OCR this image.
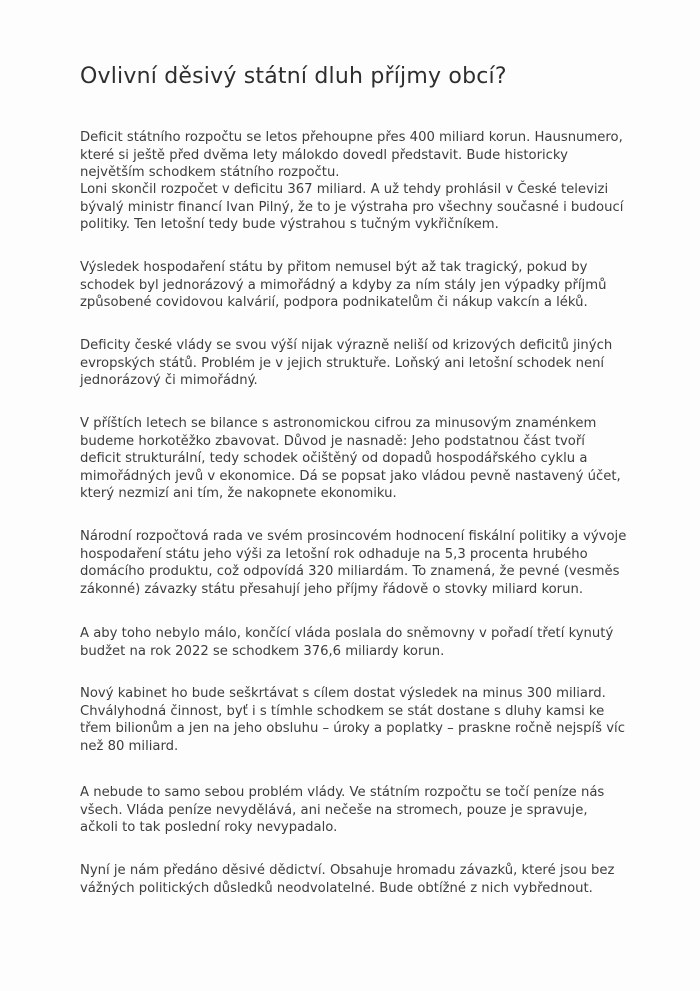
Ovlivní děsivý státní dluh příjmy obcí?

Deficit státního rozpočtu se letos přehoupne přes 400 miliard korun. Hausnumero,
které si ještě před dvěma lety málokdo dovedl představit. Bude historicky
největším schodkem státního rozpočtu.

Loni skončil rozpočet v deficitu 367 miliard. A už tehdy prohlásil v České televizi
bývalý ministr financí Ivan Pilný, že to je výstraha pro všechny současné i budoucí
politiky. Ten letošní tedy bude výstrahou s tučným vykřičníkem.

Výsledek hospodaření státu by přitom nemusel být až tak tragický, pokud by
schodek byl jednorázový a mimořádný a kdyby za ním stály jen výpadky příjmů
způsobené covidovou kalvárií, podpora podnikatelům či nákup vakcín a léků.

Deficity české vlády se svou výší nijak výrazně neliší od krizových deficitů jiných
evropských států. Problém je v jejich struktuře. Loňský ani letošní schodek není
jednorázový či mimořádný.

V příštích letech se bilance s astronomickou cifrou za minusovým znaménkem
budeme horkotěžko zbavovat. Důvod je nasnadě: Jeho podstatnou část tvoří
deficit strukturální, tedy schodek očištěný od dopadů hospodářského cyklu a
mimořádných jevů v ekonomice. Dá se popsat jako vládou pevně nastavený účet,
který nezmizí ani tím, že nakopnete ekonomiku.

Národní rozpočtová rada ve svém prosincovém hodnocení fiskální politiky a vývoje
hospodaření státu jeho výši za letošní rok odhaduje na 5,3 procenta hrubého
domácího produktu, což odpovídá 320 miliardám. To znamená, že pevné (vesměs
zákonné) závazky státu přesahují jeho příjmy řádově o stovky miliard korun.

A aby toho nebylo málo, končící vláda poslala do sněmovny v pořadí třetí kynutý
budžet na rok 2022 se schodkem 376,6 miliardy korun.

Nový kabinet ho bude seškrtávat s cílem dostat výsledek na minus 300 miliard.
Chvályhodná činnost, byť i s tímhle schodkem se stát dostane s dluhy kamsi ke
třem bilionům a jen na jeho obsluhu – úroky a poplatky – praskne ročně nejspíš víc
než 80 miliard.

A nebude to samo sebou problém vlády. Ve státním rozpočtu se točí peníze nás
všech. Vláda peníze nevydělává, ani nečeše na stromech, pouze je spravuje,
ačkoli to tak poslední roky nevypadalo.

Nyní je nám předáno děsivé dědictví. Obsahuje hromadu závazků, které jsou bez
vážných politických důsledků neodvolatelné. Bude obtížné z nich vybřednout.
